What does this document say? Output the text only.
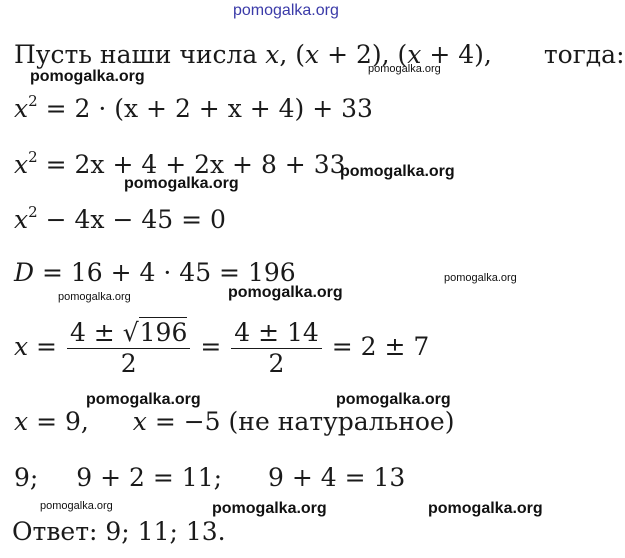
Пусть наши числа x, (x + 2), (x + 4), тогда:
$x^2 = 2 \cdot (x + 2 + x + 4) + 33$
$x^2 = 2x + 4 + 2x + 8 + 33$
$x^2 - 4x - 45 = 0$
D = 16 + 4 · 45 = 196
$x = \frac{4 \pm √196}{2} = \frac{4 \pm 14}{2} = 2 \pm 7$
x = 9, x = −5 (не натуральное)
9; 9 + 2 = 11; 9 + 4 = 13
Ответ: 9; 11; 13.
pomogalka.org
pomogalka.org	pomogalka.org
pomogalka.org
pomogalka.org
pomogalka.org
pomogalka.org	pomogalka.org
pomogalka.org	pomogalka.org
pomogalka.org	pomogalka.org	pomogalka.org
